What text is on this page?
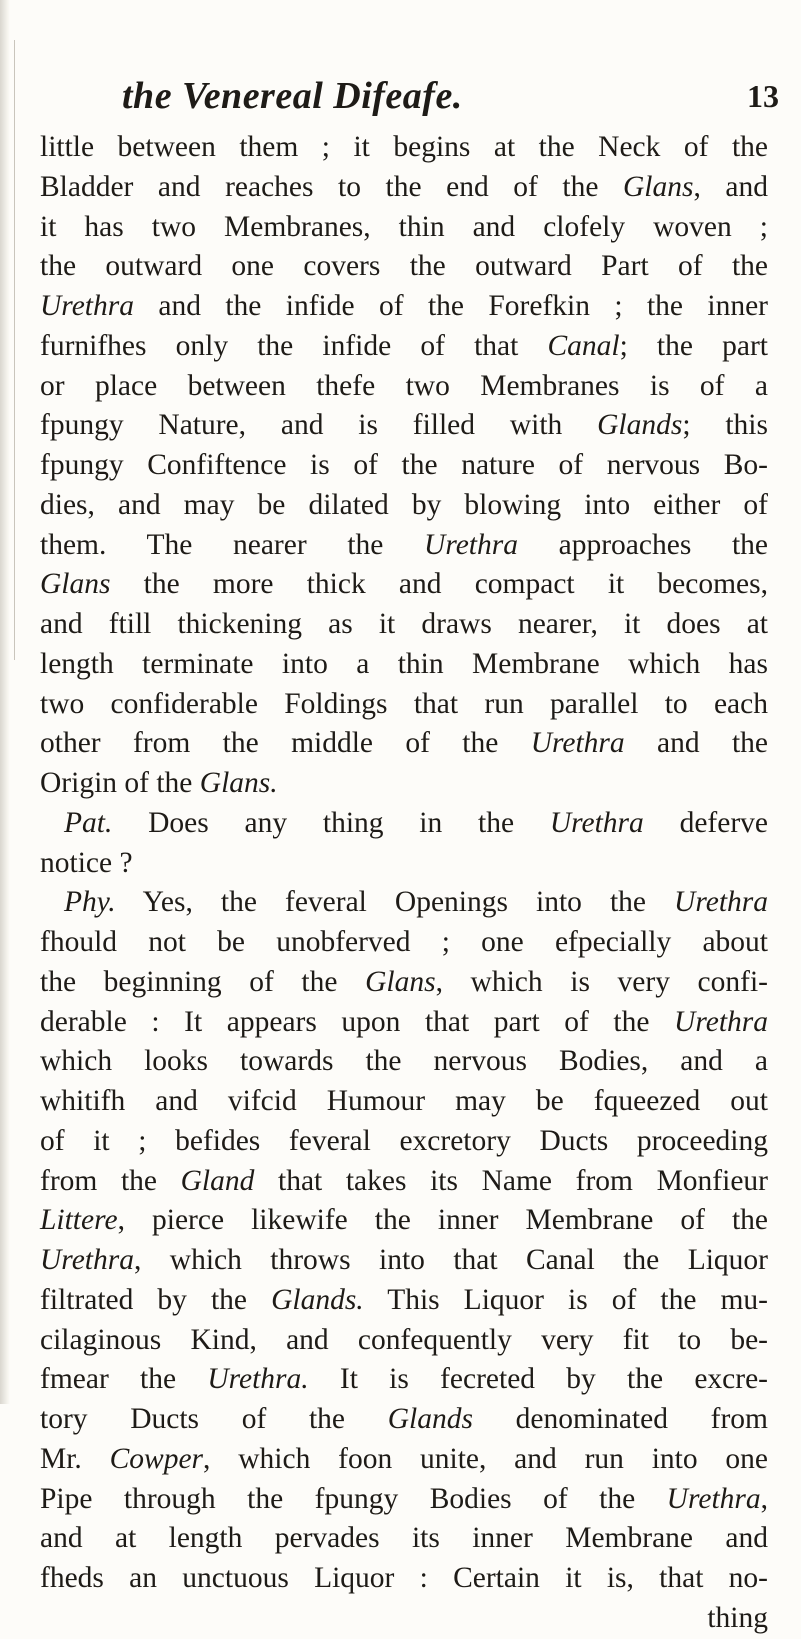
the Venereal Difeafe.	13
little between them ; it begins at the Neck of the
Bladder and reaches to the end of the Glans, and
it has two Membranes, thin and clofely woven ;
the outward one covers the outward Part of the
Urethra and the infide of the Forefkin ; the inner
furnifhes only the infide of that Canal; the part
or place between thefe two Membranes is of a
fpungy Nature, and is filled with Glands; this
fpungy Confiftence is of the nature of nervous Bo-
dies, and may be dilated by blowing into either of
them. The nearer the Urethra approaches the
Glans the more thick and compact it becomes,
and ftill thickening as it draws nearer, it does at
length terminate into a thin Membrane which has
two confiderable Foldings that run parallel to each
other from the middle of the Urethra and the
Origin of the Glans.
Pat. Does any thing in the Urethra deferve
notice ?
Phy. Yes, the feveral Openings into the Urethra
fhould not be unobferved ; one efpecially about
the beginning of the Glans, which is very confi-
derable : It appears upon that part of the Urethra
which looks towards the nervous Bodies, and a
whitifh and vifcid Humour may be fqueezed out
of it ; befides feveral excretory Ducts proceeding
from the Gland that takes its Name from Monfieur
Littere, pierce likewife the inner Membrane of the
Urethra, which throws into that Canal the Liquor
filtrated by the Glands. This Liquor is of the mu-
cilaginous Kind, and confequently very fit to be-
fmear the Urethra. It is fecreted by the excre-
tory Ducts of the Glands denominated from
Mr. Cowper, which foon unite, and run into one
Pipe through the fpungy Bodies of the Urethra,
and at length pervades its inner Membrane and
fheds an unctuous Liquor : Certain it is, that no-
thing
